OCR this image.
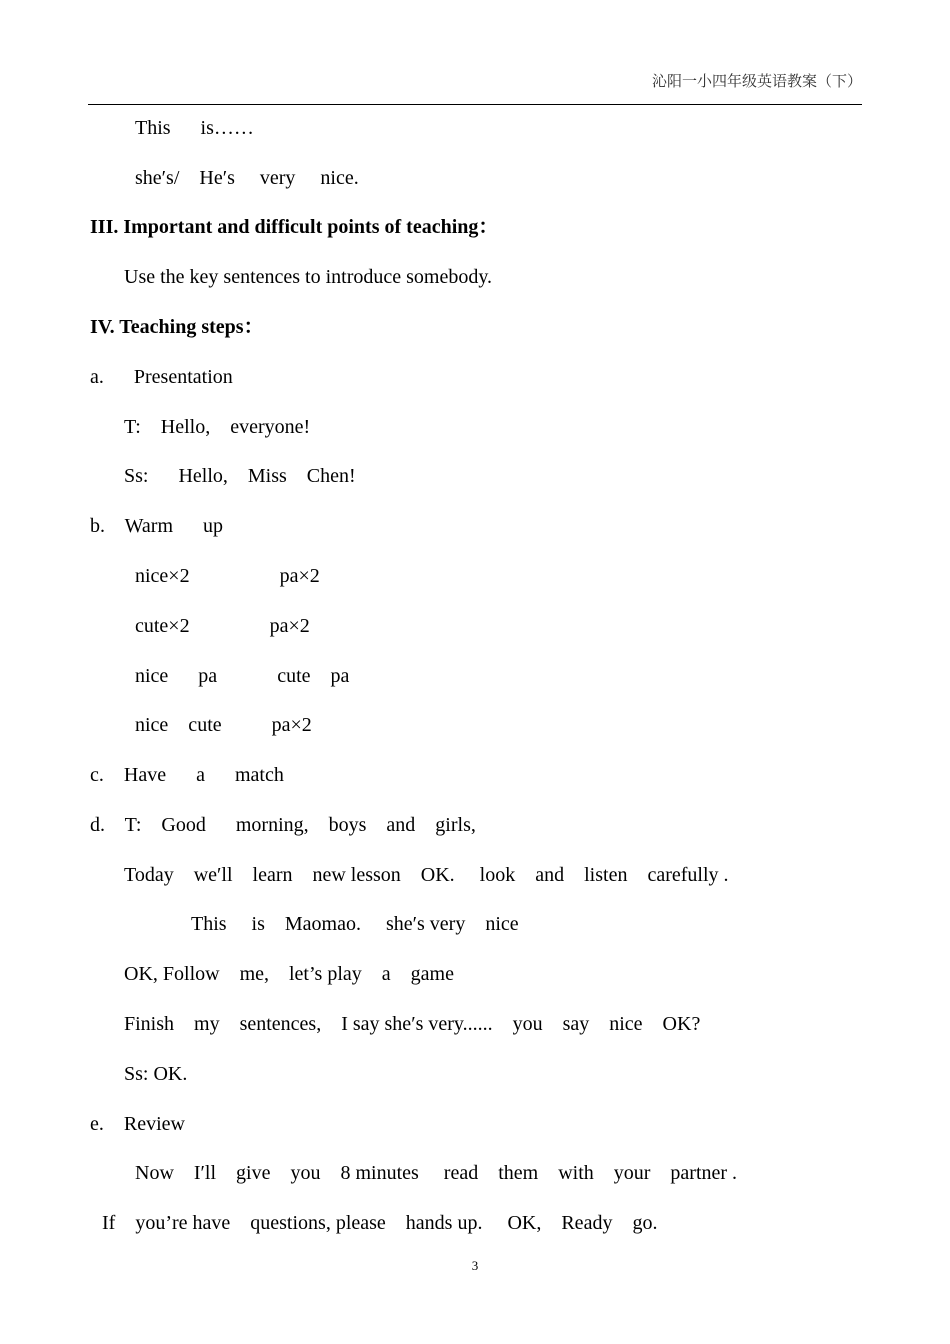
沁阳一小四年级英语教案（下）
This      is……
she′s/    He′s     very     nice.
III. Important and difficult points of teaching：
Use the key sentences to introduce somebody.
IV. Teaching steps：
a.      Presentation
T:    Hello,    everyone!
Ss:      Hello,    Miss    Chen!
b.    Warm      up
nice×2                  pa×2
cute×2                pa×2
nice      pa            cute    pa
nice    cute          pa×2
c.    Have      a      match
d.    T:    Good      morning,    boys    and    girls,
Today    we′ll    learn    new lesson    OK.     look    and    listen    carefully .
This     is    Maomao.     she′s very    nice
OK, Follow    me,    let’s play    a    game
Finish    my    sentences,    I say she′s very......    you    say    nice    OK?
Ss: OK.
e.    Review
Now    I′ll    give    you    8 minutes     read    them    with    your    partner .
If    you’re have    questions, please    hands up.     OK,    Ready    go.
3
